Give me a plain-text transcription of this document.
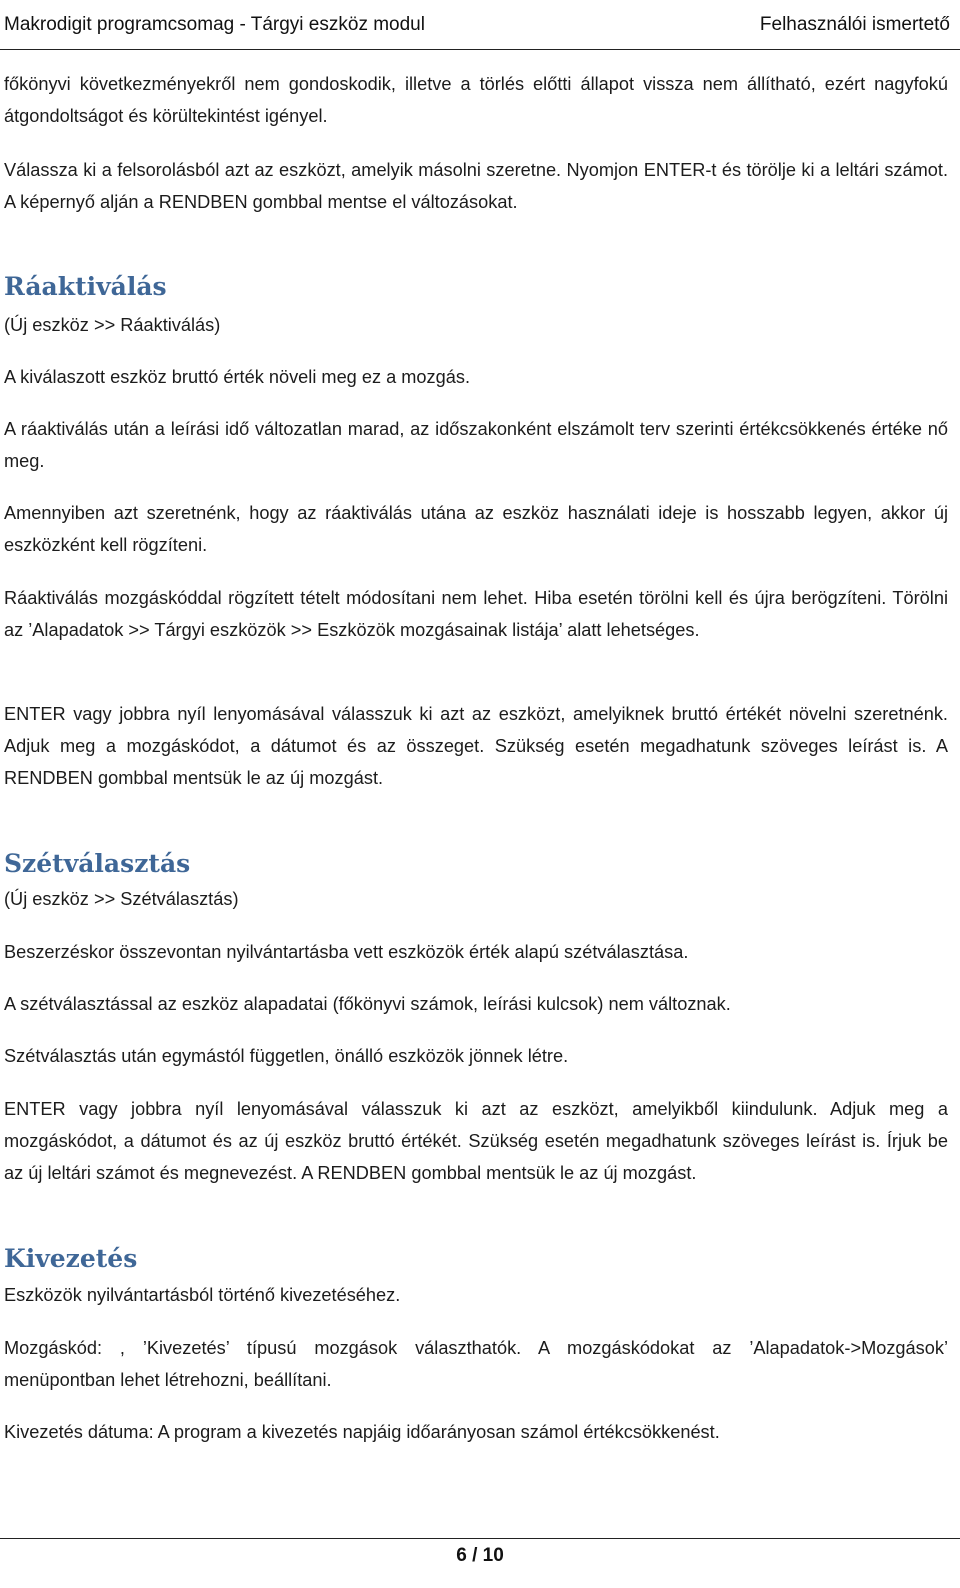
Makrodigit programcsomag - Tárgyi eszköz modul	Felhasználói ismertető

főkönyvi következményekről nem gondoskodik, illetve a törlés előtti állapot vissza nem állítható, ezért nagyfokú átgondoltságot és körültekintést igényel.

Válassza ki a felsorolásból azt az eszközt, amelyik másolni szeretne. Nyomjon ENTER-t és törölje ki a leltári számot. A képernyő alján a RENDBEN gombbal mentse el változásokat.

Ráaktiválás

(Új eszköz >> Ráaktiválás)

A kiválaszott eszköz bruttó érték növeli meg ez a mozgás.

A ráaktiválás után a leírási idő változatlan marad, az időszakonként elszámolt terv szerinti értékcsökkenés értéke nő meg.

Amennyiben azt szeretnénk, hogy az ráaktiválás utána az eszköz használati ideje is hosszabb legyen, akkor új eszközként kell rögzíteni.

Ráaktiválás mozgáskóddal rögzített tételt módosítani nem lehet. Hiba esetén törölni kell és újra berögzíteni. Törölni az ’Alapadatok >> Tárgyi eszközök >> Eszközök mozgásainak listája’ alatt lehetséges.

ENTER vagy jobbra nyíl lenyomásával válasszuk ki azt az eszközt, amelyiknek bruttó értékét növelni szeretnénk. Adjuk meg a mozgáskódot, a dátumot és az összeget. Szükség esetén megadhatunk szöveges leírást is. A RENDBEN gombbal mentsük le az új mozgást.

Szétválasztás

(Új eszköz >> Szétválasztás)

Beszerzéskor összevontan nyilvántartásba vett eszközök érték alapú szétválasztása.

A szétválasztással az eszköz alapadatai (főkönyvi számok, leírási kulcsok) nem változnak.

Szétválasztás után egymástól független, önálló eszközök jönnek létre.

ENTER vagy jobbra nyíl lenyomásával válasszuk ki azt az eszközt, amelyikből kiindulunk. Adjuk meg a mozgáskódot, a dátumot és az új eszköz bruttó értékét. Szükség esetén megadhatunk szöveges leírást is. Írjuk be az új leltári számot és megnevezést. A RENDBEN gombbal mentsük le az új mozgást.

Kivezetés

Eszközök nyilvántartásból történő kivezetéséhez.

Mozgáskód: , ’Kivezetés’ típusú mozgások választhatók. A mozgáskódokat az ’Alapadatok->Mozgások’ menüpontban lehet létrehozni, beállítani.

Kivezetés dátuma: A program a kivezetés napjáig időarányosan számol értékcsökkenést.

6 / 10
